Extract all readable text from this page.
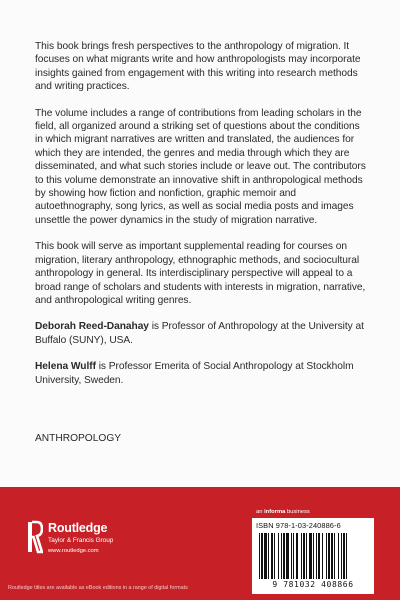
This book brings fresh perspectives to the anthropology of migration. It focuses on what migrants write and how anthropologists may incorporate insights gained from engagement with this writing into research methods and writing practices.

The volume includes a range of contributions from leading scholars in the field, all organized around a striking set of questions about the conditions in which migrant narratives are written and translated, the audiences for which they are intended, the genres and media through which they are disseminated, and what such stories include or leave out. The contributors to this volume demonstrate an innovative shift in anthropological methods by showing how fiction and nonfiction, graphic memoir and autoethnography, song lyrics, as well as social media posts and images unsettle the power dynamics in the study of migration narrative.

This book will serve as important supplemental reading for courses on migration, literary anthropology, ethnographic methods, and sociocultural anthropology in general. Its interdisciplinary perspective will appeal to a broad range of scholars and students with interests in migration, narrative, and anthropological writing genres.

Deborah Reed-Danahay is Professor of Anthropology at the University at Buffalo (SUNY), USA.

Helena Wulff is Professor Emerita of Social Anthropology at Stockholm University, Sweden.

ANTHROPOLOGY
Routledge
Taylor & Francis Group
www.routledge.com
Routledge titles are available as eBook editions in a range of digital formats
an informa business
ISBN 978-1-03-240886-6
9 781032 408866
